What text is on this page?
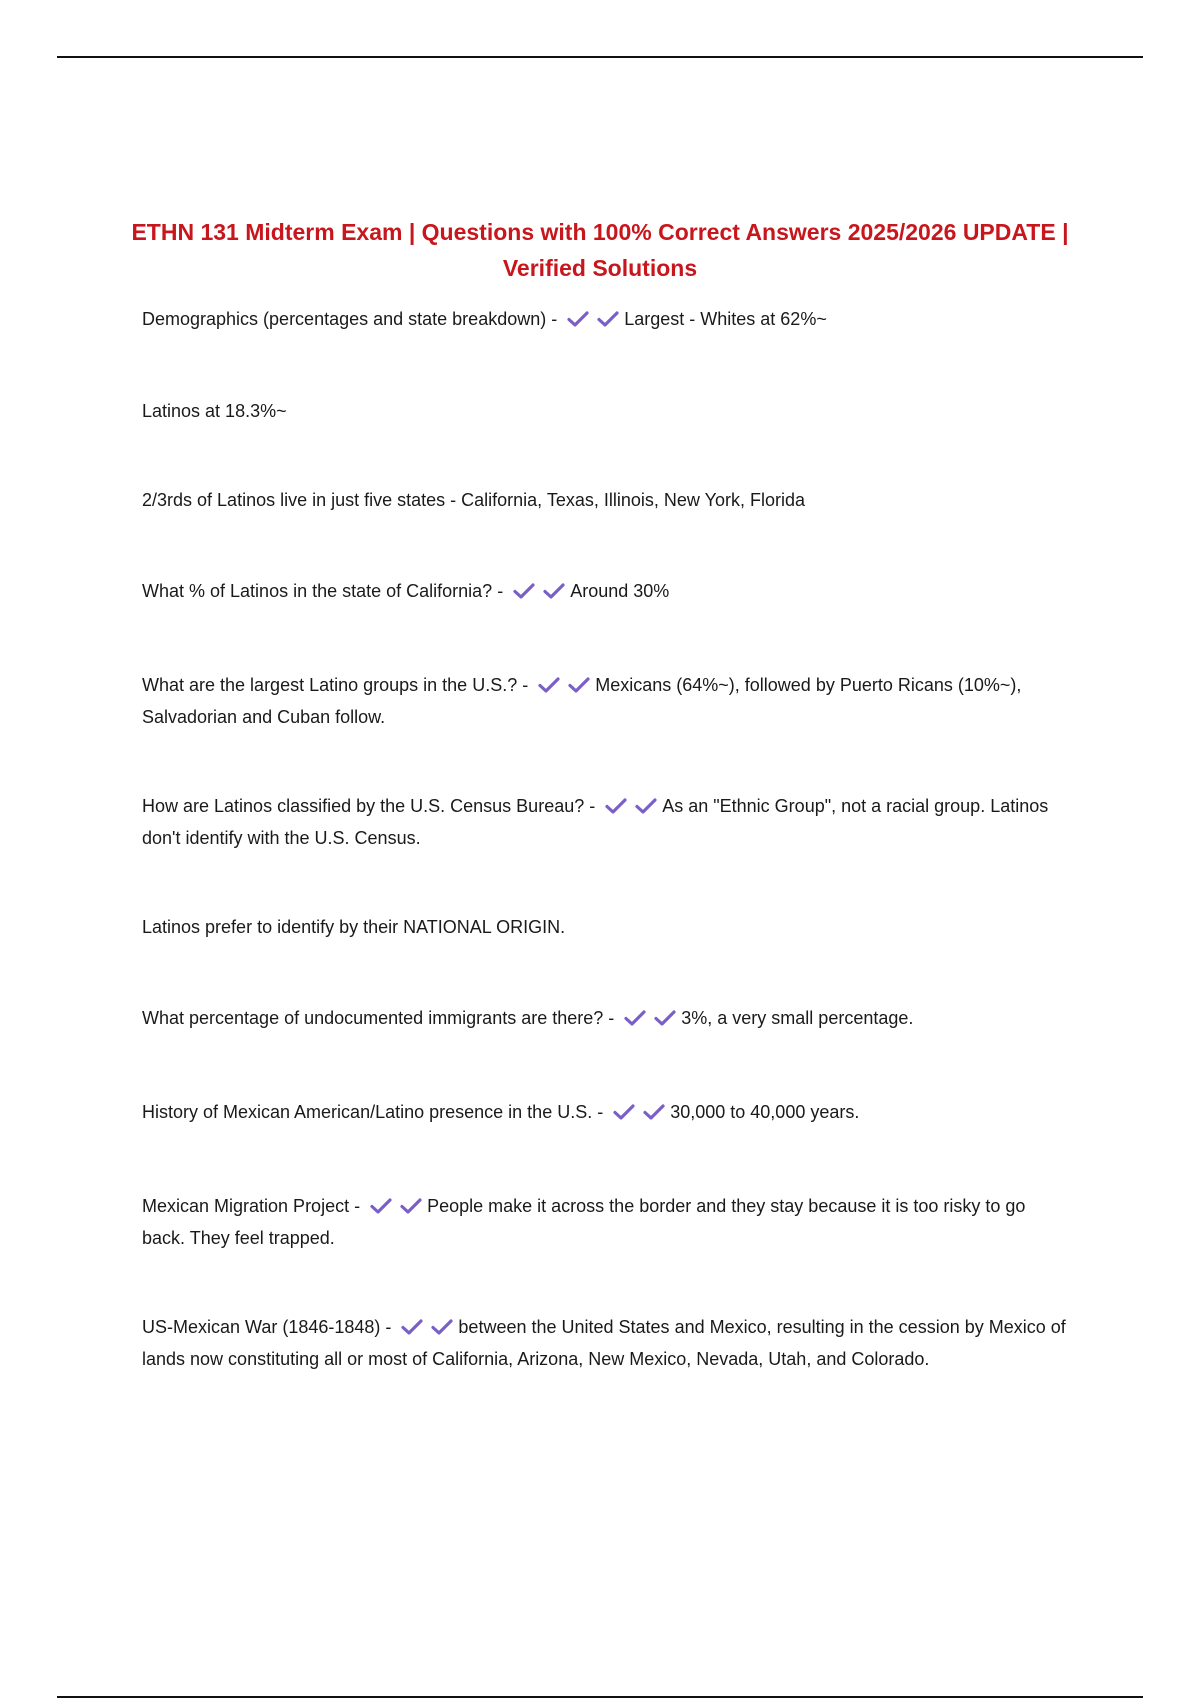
ETHN 131 Midterm Exam | Questions with 100% Correct Answers 2025/2026 UPDATE | Verified Solutions
Demographics (percentages and state breakdown) -	Largest - Whites at 62%~
Latinos at 18.3%~
2/3rds of Latinos live in just five states - California, Texas, Illinois, New York, Florida
What % of Latinos in the state of California? -	Around 30%
What are the largest Latino groups in the U.S.? -	Mexicans (64%~), followed by Puerto Ricans (10%~), Salvadorian and Cuban follow.
How are Latinos classified by the U.S. Census Bureau? -	As an "Ethnic Group", not a racial group. Latinos don't identify with the U.S. Census.
Latinos prefer to identify by their NATIONAL ORIGIN.
What percentage of undocumented immigrants are there? -	3%, a very small percentage.
History of Mexican American/Latino presence in the U.S. -	30,000 to 40,000 years.
Mexican Migration Project -	People make it across the border and they stay because it is too risky to go back. They feel trapped.
US-Mexican War (1846-1848) -	between the United States and Mexico, resulting in the cession by Mexico of lands now constituting all or most of California, Arizona, New Mexico, Nevada, Utah, and Colorado.
